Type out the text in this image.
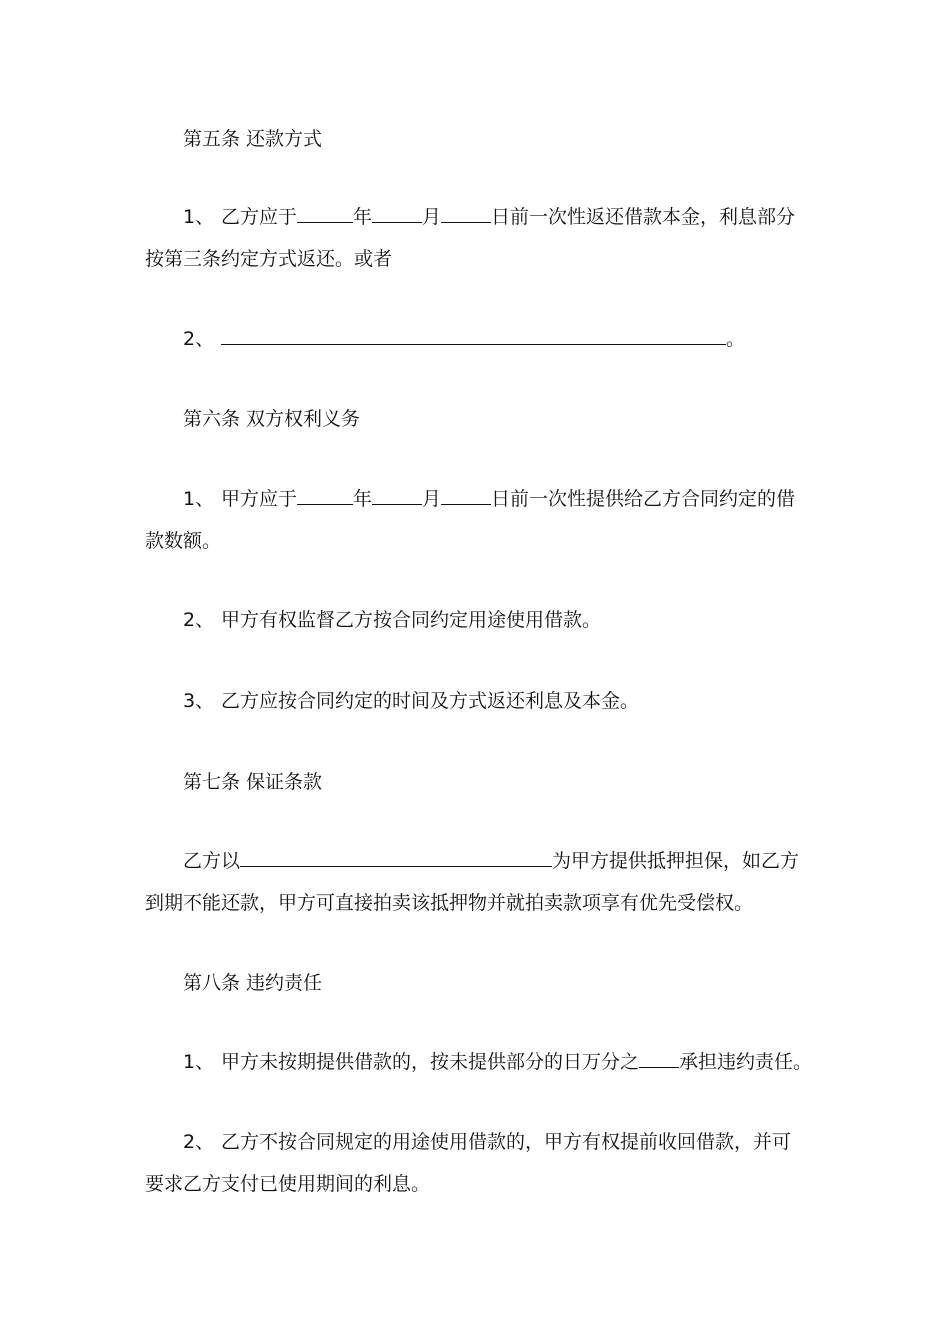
第五条 还款方式
1、 乙方应于	年	月	日前一次性返还借款本金，利息部分
按第三条约定方式返还。或者
2、	。
第六条 双方权利义务
1、 甲方应于	年	月	日前一次性提供给乙方合同约定的借
款数额。
2、 甲方有权监督乙方按合同约定用途使用借款。
3、 乙方应按合同约定的时间及方式返还利息及本金。
第七条 保证条款
乙方以	为甲方提供抵押担保，如乙方
到期不能还款，甲方可直接拍卖该抵押物并就拍卖款项享有优先受偿权。
第八条 违约责任
1、 甲方未按期提供借款的，按未提供部分的日万分之 承担违约责任。
2、 乙方不按合同规定的用途使用借款的，甲方有权提前收回借款，并可
要求乙方支付已使用期间的利息。
